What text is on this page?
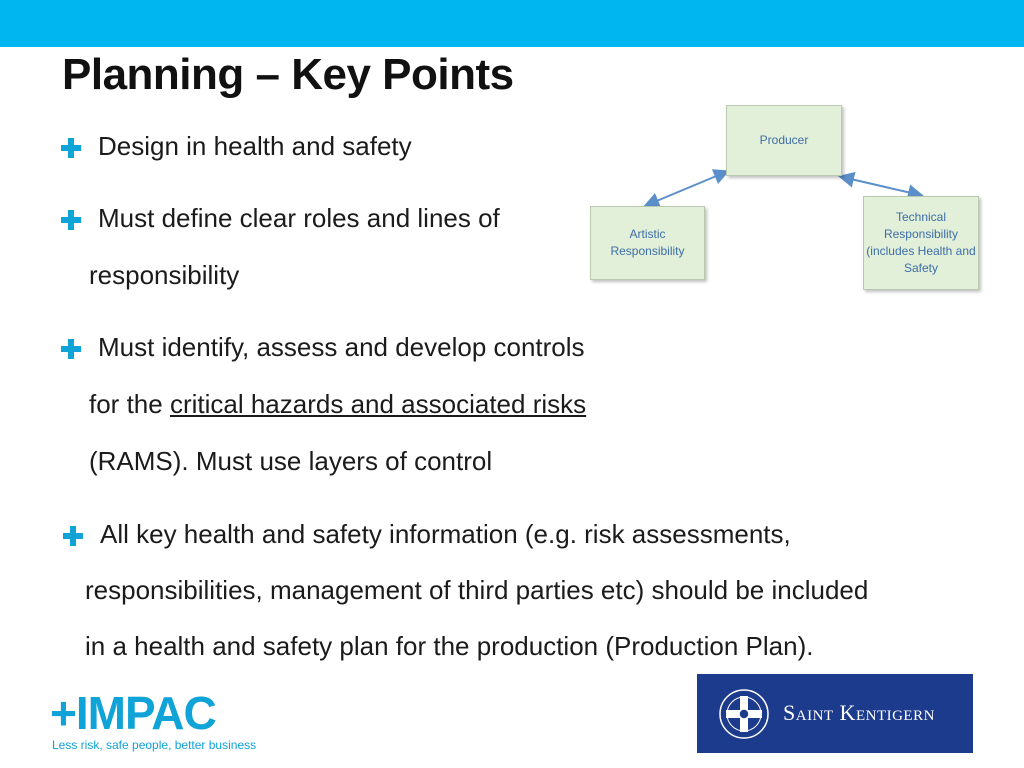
Planning – Key Points
Design in health and safety
Must define clear roles and lines of
responsibility
Must identify, assess and develop controls
for the critical hazards and associated risks
(RAMS). Must use layers of control
All key health and safety information (e.g. risk assessments,
responsibilities, management of third parties etc) should be included
in a health and safety plan for the production (Production Plan).
Producer
Artistic Responsibility
Technical Responsibility (includes Health and Safety
+IMPAC
Less risk, safe people, better business
Saint Kentigern
